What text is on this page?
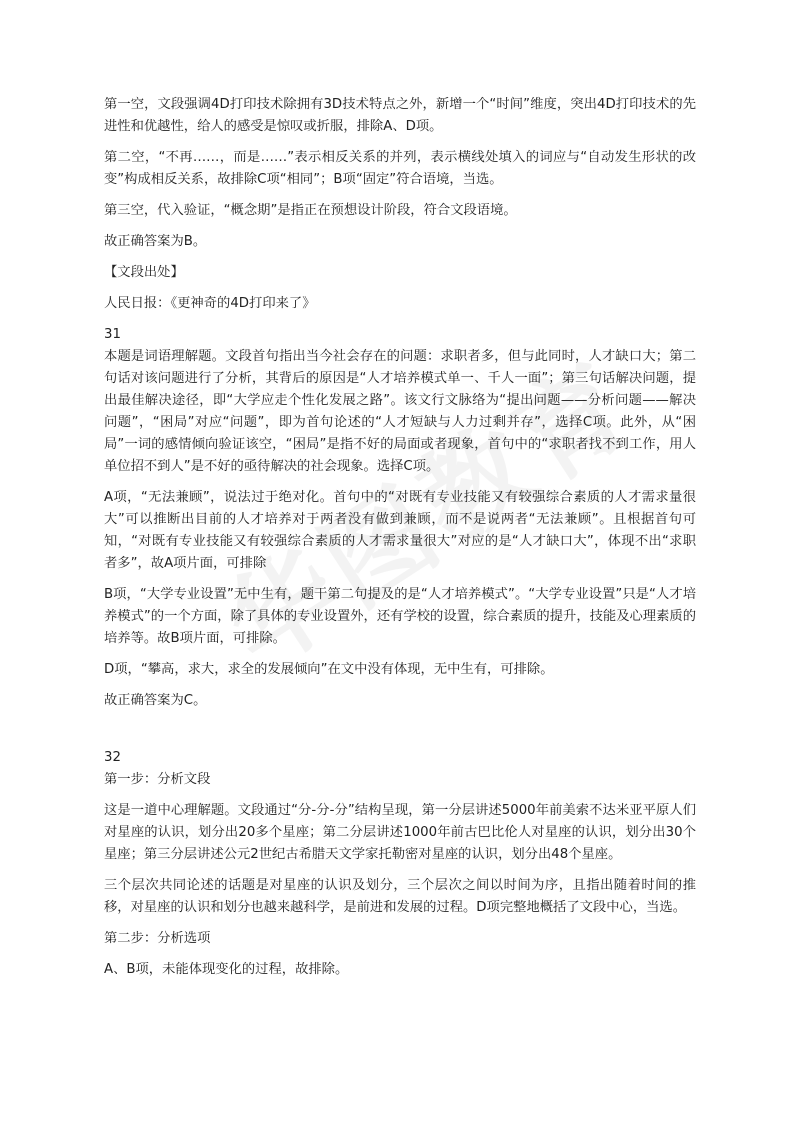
第一空，文段强调4D打印技术除拥有3D技术特点之外，新增一个“时间”维度，突出4D打印技术的先进性和优越性，给人的感受是惊叹或折服，排除A、D项。

第二空，“不再……，而是……”表示相反关系的并列，表示横线处填入的词应与“自动发生形状的改变”构成相反关系，故排除C项“相同”；B项“固定”符合语境，当选。

第三空，代入验证，“概念期”是指正在预想设计阶段，符合文段语境。

故正确答案为B。

【文段出处】

人民日报：《更神奇的4D打印来了》

31

本题是词语理解题。文段首句指出当今社会存在的问题：求职者多，但与此同时，人才缺口大；第二句话对该问题进行了分析，其背后的原因是“人才培养模式单一、千人一面”；第三句话解决问题，提出最佳解决途径，即“大学应走个性化发展之路”。该文行文脉络为“提出问题——分析问题——解决问题”，“困局”对应“问题”，即为首句论述的“人才短缺与人力过剩并存”，选择C项。此外，从“困局”一词的感情倾向验证该空，“困局”是指不好的局面或者现象，首句中的“求职者找不到工作，用人单位招不到人”是不好的亟待解决的社会现象。选择C项。

A项，“无法兼顾”，说法过于绝对化。首句中的“对既有专业技能又有较强综合素质的人才需求量很大”可以推断出目前的人才培养对于两者没有做到兼顾，而不是说两者“无法兼顾”。且根据首句可知，“对既有专业技能又有较强综合素质的人才需求量很大”对应的是“人才缺口大”，体现不出“求职者多”，故A项片面，可排除

B项，“大学专业设置”无中生有，题干第二句提及的是“人才培养模式”。“大学专业设置”只是“人才培养模式”的一个方面，除了具体的专业设置外，还有学校的设置，综合素质的提升，技能及心理素质的培养等。故B项片面，可排除。

D项，“攀高，求大，求全的发展倾向”在文中没有体现，无中生有，可排除。

故正确答案为C。

32

第一步：分析文段

这是一道中心理解题。文段通过“分-分-分”结构呈现，第一分层讲述5000年前美索不达米亚平原人们对星座的认识，划分出20多个星座；第二分层讲述1000年前古巴比伦人对星座的认识，划分出30个星座；第三分层讲述公元2世纪古希腊天文学家托勒密对星座的认识，划分出48个星座。

三个层次共同论述的话题是对星座的认识及划分，三个层次之间以时间为序，且指出随着时间的推移，对星座的认识和划分也越来越科学，是前进和发展的过程。D项完整地概括了文段中心，当选。

第二步：分析选项

A、B项，未能体现变化的过程，故排除。
